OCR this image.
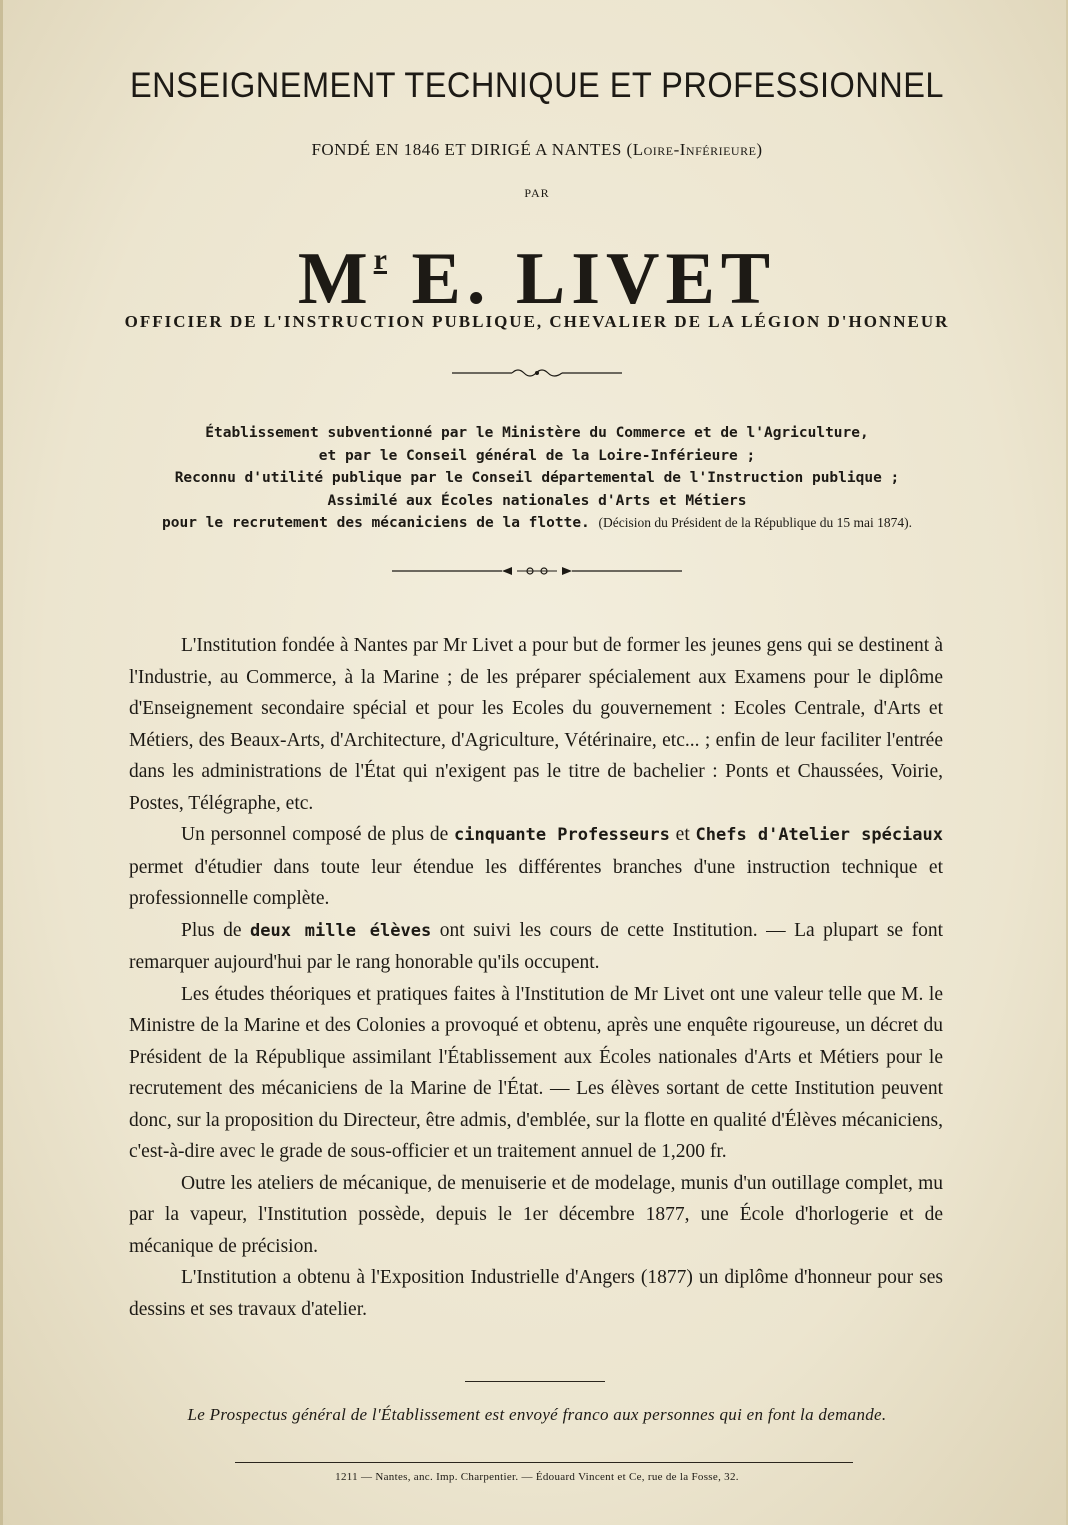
ENSEIGNEMENT TECHNIQUE ET PROFESSIONNEL
FONDÉ EN 1846 ET DIRIGÉ A NANTES (Loire-Inférieure)
PAR
$M^r$ E. LIVET
OFFICIER DE L'INSTRUCTION PUBLIQUE, CHEVALIER DE LA LÉGION D'HONNEUR
Établissement subventionné par le Ministère du Commerce et de l'Agriculture,
et par le Conseil général de la Loire-Inférieure ;
Reconnu d'utilité publique par le Conseil départemental de l'Instruction publique ;
Assimilé aux Écoles nationales d'Arts et Métiers
pour le recrutement des mécaniciens de la flotte. (Décision du Président de la République du 15 mai 1874).

L'Institution fondée à Nantes par Mr Livet a pour but de former les jeunes gens qui se destinent à l'Industrie, au Commerce, à la Marine ; de les préparer spécialement aux Examens pour le diplôme d'Enseignement secondaire spécial et pour les Ecoles du gouvernement : Ecoles Centrale, d'Arts et Métiers, des Beaux-Arts, d'Architecture, d'Agriculture, Vétérinaire, etc... ; enfin de leur faciliter l'entrée dans les administrations de l'État qui n'exigent pas le titre de bachelier : Ponts et Chaussées, Voirie, Postes, Télégraphe, etc.

Un personnel composé de plus de cinquante Professeurs et Chefs d'Atelier spéciaux permet d'étudier dans toute leur étendue les différentes branches d'une instruction technique et professionnelle complète.

Plus de deux mille élèves ont suivi les cours de cette Institution. — La plupart se font remarquer aujourd'hui par le rang honorable qu'ils occupent.

Les études théoriques et pratiques faites à l'Institution de Mr Livet ont une valeur telle que M. le Ministre de la Marine et des Colonies a provoqué et obtenu, après une enquête rigoureuse, un décret du Président de la République assimilant l'Établissement aux Écoles nationales d'Arts et Métiers pour le recrutement des mécaniciens de la Marine de l'État. — Les élèves sortant de cette Institution peuvent donc, sur la proposition du Directeur, être admis, d'emblée, sur la flotte en qualité d'Élèves mécaniciens, c'est-à-dire avec le grade de sous-officier et un traitement annuel de 1,200 fr.

Outre les ateliers de mécanique, de menuiserie et de modelage, munis d'un outillage complet, mu par la vapeur, l'Institution possède, depuis le 1er décembre 1877, une École d'horlogerie et de mécanique de précision.

L'Institution a obtenu à l'Exposition Industrielle d'Angers (1877) un diplôme d'honneur pour ses dessins et ses travaux d'atelier.

Le Prospectus général de l'Établissement est envoyé franco aux personnes qui en font la demande.
1211 — Nantes, anc. Imp. Charpentier. — Édouard Vincent et Ce, rue de la Fosse, 32.
